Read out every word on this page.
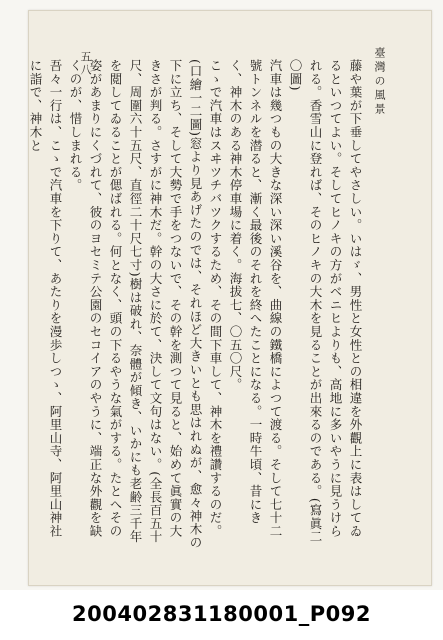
臺灣の風景
五八	藤や葉が下垂してやさしい。いはゞ、男性と女性との相違を外觀上に表はしてゐるといつてよい。そしてヒノキの方がベニヒよりも、高地に多いやうに見うけられる。香雪山に登れば、そのヒノキの大木を見ることが出來るのである。(寫眞二〇圖)

汽車は幾つもの大きな深い深い溪谷を、曲線の鐵橋によつて渡る。そして七十二號トンネルを潜ると、漸く最後のそれを終へたことになる。一時牛頃、昔にきく、神木のある神木停車場に着く。海拔七、〇五〇尺。

こゝで汽車はスヰツチバツクするため、その間下車して、神木を禮讚するのだ。(口繪一二圖)窓より見あげたのでは、それほど大きいとも思はれぬが、愈々神木の下に立ち、そして大勢で手をつないで、その幹を測つて見ると、始めて眞實の大きさが判る。さすがに神木だ。幹の大さに於て、決して文句はない。(全長百五十尺、周圍六十五尺、直徑二十尺七寸)樹は破れ、奈體が傾き、いかにも老齢三千年を閲してゐることが偲ばれる。何となく、頭の下るやうな氣がする。たとへその姿があまりにくづれて、彼のヨセミテ公園のセコイアのやうに、端正な外觀を缺くのが、惜しまれる。

吾々一行は、こゝで汽車を下りて、あたりを漫歩しつゝ、阿里山寺、阿里山神社に詣で、神木と

200402831180001_P092
